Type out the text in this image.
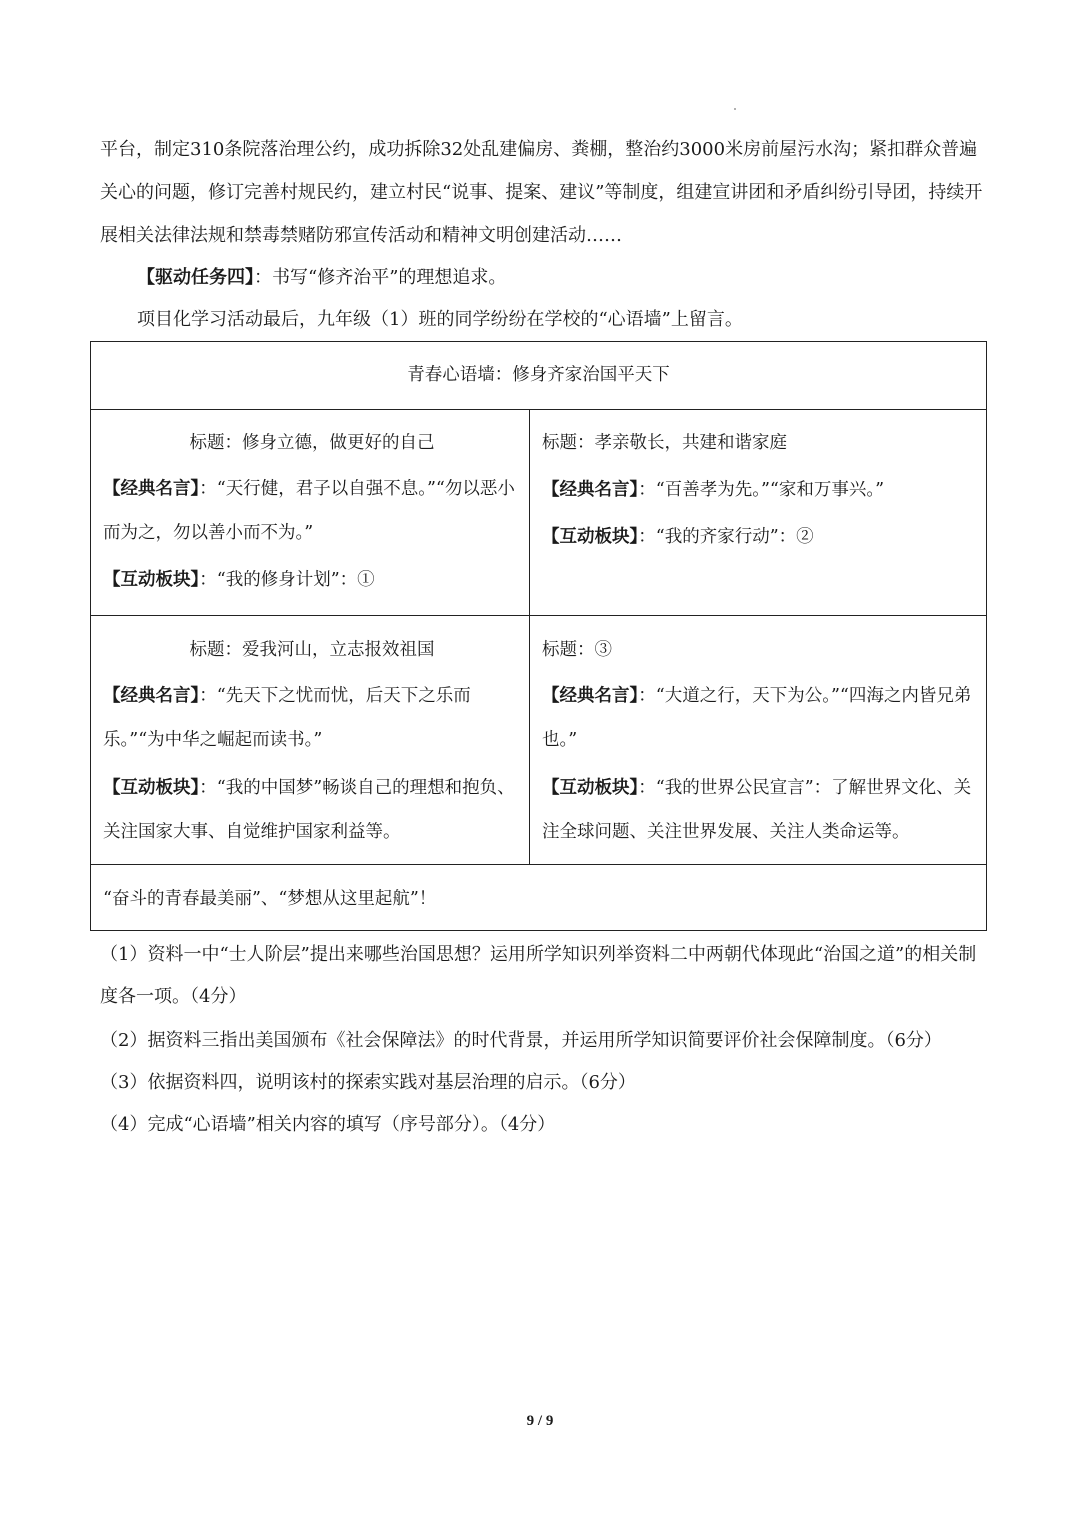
平台，制定310条院落治理公约，成功拆除32处乱建偏房、粪棚，整治约3000米房前屋污水沟；紧扣群众普遍关心的问题，修订完善村规民约，建立村民“说事、提案、建议”等制度，组建宣讲团和矛盾纠纷引导团，持续开展相关法律法规和禁毒禁赌防邪宣传活动和精神文明创建活动……

【驱动任务四】：书写“修齐治平”的理想追求。
项目化学习活动最后，九年级（1）班的同学纷纷在学校的“心语墙”上留言。
青春心语墙：修身齐家治国平天下

标题：修身立德，做更好的自己

【经典名言】：“天行健，君子以自强不息。”“勿以恶小而为之，勿以善小而不为。”

【互动板块】：“我的修身计划”：①

标题：孝亲敬长，共建和谐家庭

【经典名言】：“百善孝为先。”“家和万事兴。”

【互动板块】：“我的齐家行动”：②

标题：爱我河山，立志报效祖国

【经典名言】：“先天下之忧而忧，后天下之乐而乐。”“为中华之崛起而读书。”

【互动板块】：“我的中国梦”畅谈自己的理想和抱负、关注国家大事、自觉维护国家利益等。

标题：③

【经典名言】：“大道之行，天下为公。”“四海之内皆兄弟也。”

【互动板块】：“我的世界公民宣言”：了解世界文化、关注全球问题、关注世界发展、关注人类命运等。

“奋斗的青春最美丽”、“梦想从这里起航”！

（1）资料一中“士人阶层”提出来哪些治国思想？运用所学知识列举资料二中两朝代体现此“治国之道”的相关制度各一项。（4分）

（2）据资料三指出美国颁布《社会保障法》的时代背景，并运用所学知识简要评价社会保障制度。（6分）

（3）依据资料四，说明该村的探索实践对基层治理的启示。（6分）

（4）完成“心语墙”相关内容的填写（序号部分）。（4分）

9 / 9
